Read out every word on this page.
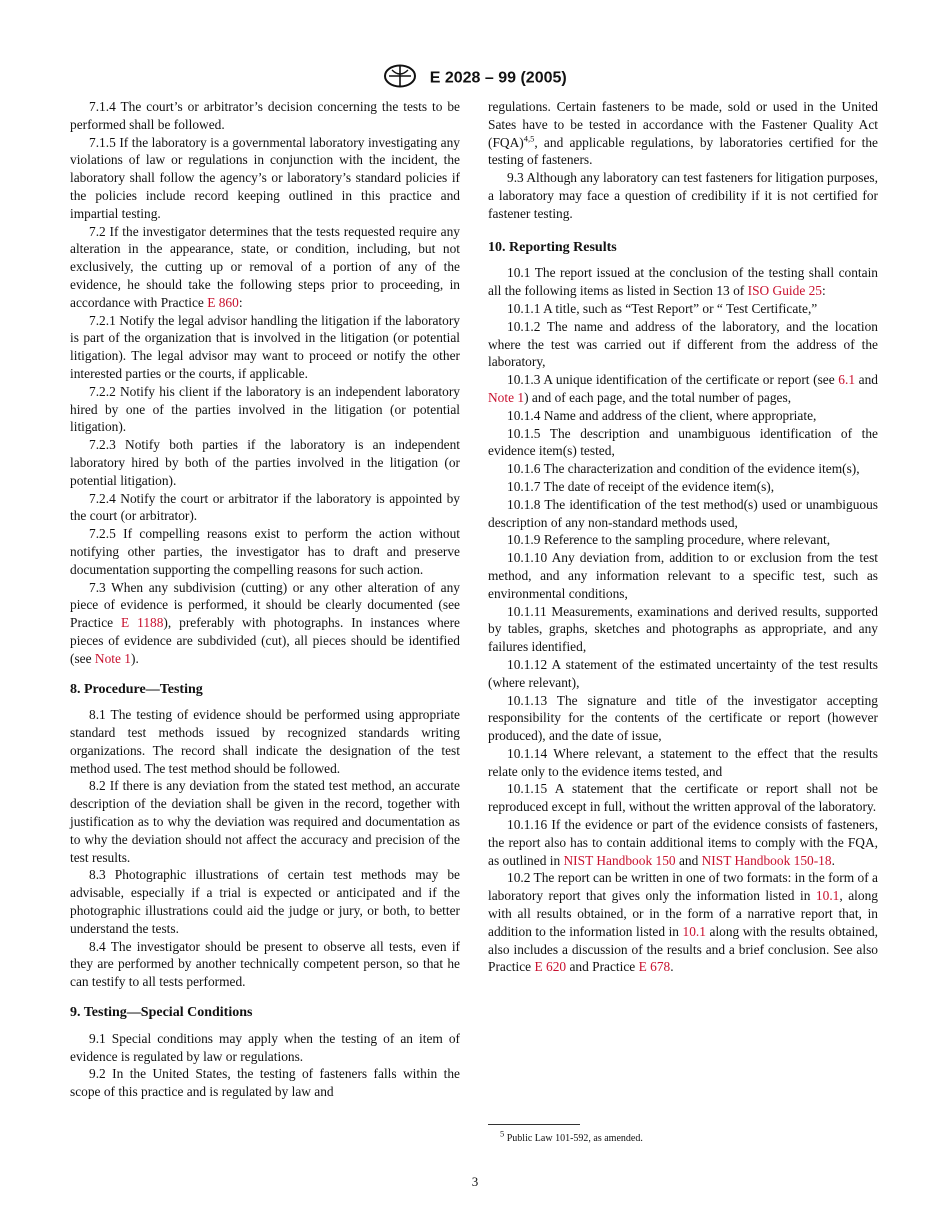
E 2028 – 99 (2005)

7.1.4 The court’s or arbitrator’s decision concerning the tests to be performed shall be followed.

7.1.5 If the laboratory is a governmental laboratory investigating any violations of law or regulations in conjunction with the incident, the laboratory shall follow the agency’s or laboratory’s standard policies if the policies include record keeping outlined in this practice and impartial testing.

7.2 If the investigator determines that the tests requested require any alteration in the appearance, state, or condition, including, but not exclusively, the cutting up or removal of a portion of any of the evidence, he should take the following steps prior to proceeding, in accordance with Practice E 860:

7.2.1 Notify the legal advisor handling the litigation if the laboratory is part of the organization that is involved in the litigation (or potential litigation). The legal advisor may want to proceed or notify the other interested parties or the courts, if applicable.

7.2.2 Notify his client if the laboratory is an independent laboratory hired by one of the parties involved in the litigation (or potential litigation).

7.2.3 Notify both parties if the laboratory is an independent laboratory hired by both of the parties involved in the litigation (or potential litigation).

7.2.4 Notify the court or arbitrator if the laboratory is appointed by the court (or arbitrator).

7.2.5 If compelling reasons exist to perform the action without notifying other parties, the investigator has to draft and preserve documentation supporting the compelling reasons for such action.

7.3 When any subdivision (cutting) or any other alteration of any piece of evidence is performed, it should be clearly documented (see Practice E 1188), preferably with photographs. In instances where pieces of evidence are subdivided (cut), all pieces should be identified (see Note 1).

8. Procedure—Testing

8.1 The testing of evidence should be performed using appropriate standard test methods issued by recognized standards writing organizations. The record shall indicate the designation of the test method used. The test method should be followed.

8.2 If there is any deviation from the stated test method, an accurate description of the deviation shall be given in the record, together with justification as to why the deviation was required and documentation as to why the deviation should not affect the accuracy and precision of the test results.

8.3 Photographic illustrations of certain test methods may be advisable, especially if a trial is expected or anticipated and if the photographic illustrations could aid the judge or jury, or both, to better understand the tests.

8.4 The investigator should be present to observe all tests, even if they are performed by another technically competent person, so that he can testify to all tests performed.

9. Testing—Special Conditions

9.1 Special conditions may apply when the testing of an item of evidence is regulated by law or regulations.

9.2 In the United States, the testing of fasteners falls within the scope of this practice and is regulated by law and

regulations. Certain fasteners to be made, sold or used in the United Sates have to be tested in accordance with the Fastener Quality Act (FQA)$^{4,5}$, and applicable regulations, by laboratories certified for the testing of fasteners.

9.3 Although any laboratory can test fasteners for litigation purposes, a laboratory may face a question of credibility if it is not certified for fastener testing.

10. Reporting Results

10.1 The report issued at the conclusion of the testing shall contain all the following items as listed in Section 13 of ISO Guide 25:

10.1.1 A title, such as “Test Report” or “ Test Certificate,”

10.1.2 The name and address of the laboratory, and the location where the test was carried out if different from the address of the laboratory,

10.1.3 A unique identification of the certificate or report (see 6.1 and Note 1) and of each page, and the total number of pages,

10.1.4 Name and address of the client, where appropriate,

10.1.5 The description and unambiguous identification of the evidence item(s) tested,

10.1.6 The characterization and condition of the evidence item(s),

10.1.7 The date of receipt of the evidence item(s),

10.1.8 The identification of the test method(s) used or unambiguous description of any non-standard methods used,

10.1.9 Reference to the sampling procedure, where relevant,

10.1.10 Any deviation from, addition to or exclusion from the test method, and any information relevant to a specific test, such as environmental conditions,

10.1.11 Measurements, examinations and derived results, supported by tables, graphs, sketches and photographs as appropriate, and any failures identified,

10.1.12 A statement of the estimated uncertainty of the test results (where relevant),

10.1.13 The signature and title of the investigator accepting responsibility for the contents of the certificate or report (however produced), and the date of issue,

10.1.14 Where relevant, a statement to the effect that the results relate only to the evidence items tested, and

10.1.15 A statement that the certificate or report shall not be reproduced except in full, without the written approval of the laboratory.

10.1.16 If the evidence or part of the evidence consists of fasteners, the report also has to contain additional items to comply with the FQA, as outlined in NIST Handbook 150 and NIST Handbook 150-18.

10.2 The report can be written in one of two formats: in the form of a laboratory report that gives only the information listed in 10.1, along with all results obtained, or in the form of a narrative report that, in addition to the information listed in 10.1 along with the results obtained, also includes a discussion of the results and a brief conclusion. See also Practice E 620 and Practice E 678.

$^5$ Public Law 101-592, as amended.
3
